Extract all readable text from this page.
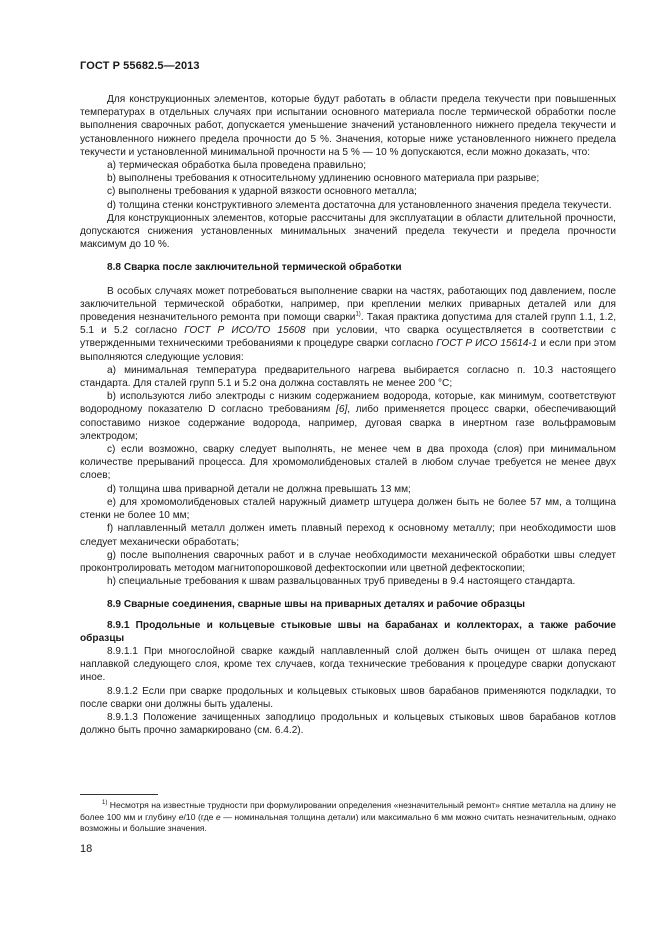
ГОСТ Р 55682.5—2013

Для конструкционных элементов, которые будут работать в области предела текучести при повышенных температурах в отдельных случаях при испытании основного материала после термической обработки после выполнения сварочных работ, допускается уменьшение значений установленного нижнего предела текучести и установленного нижнего предела прочности до 5 %. Значения, которые ниже установленного нижнего предела текучести и установленной минимальной прочности на 5 % — 10 % допускаются, если можно доказать, что:

a) термическая обработка была проведена правильно;

b) выполнены требования к относительному удлинению основного материала при разрыве;

c) выполнены требования к ударной вязкости основного металла;

d) толщина стенки конструктивного элемента достаточна для установленного значения предела текучести.

Для конструкционных элементов, которые рассчитаны для эксплуатации в области длительной прочности, допускаются снижения установленных минимальных значений предела текучести и предела прочности максимум до 10 %.

8.8 Сварка после заключительной термической обработки

В особых случаях может потребоваться выполнение сварки на частях, работающих под давлением, после заключительной термической обработки, например, при креплении мелких приварных деталей или для проведения незначительного ремонта при помощи сварки$^{1)}$. Такая практика допустима для сталей групп 1.1, 1.2, 5.1 и 5.2 согласно ГОСТ Р ИСО/ТО 15608 при условии, что сварка осуществляется в соответствии с утвержденными техническими требованиями к процедуре сварки согласно ГОСТ Р ИСО 15614-1 и если при этом выполняются следующие условия:

a) минимальная температура предварительного нагрева выбирается согласно п. 10.3 настоящего стандарта. Для сталей групп 5.1 и 5.2 она должна составлять не менее 200 °С;

b) используются либо электроды с низким содержанием водорода, которые, как минимум, соответствуют водородному показателю D согласно требованиям [6], либо применяется процесс сварки, обеспечивающий сопоставимо низкое содержание водорода, например, дуговая сварка в инертном газе вольфрамовым электродом;

c) если возможно, сварку следует выполнять, не менее чем в два прохода (слоя) при минимальном количестве прерываний процесса. Для хромомолибденовых сталей в любом случае требуется не менее двух слоев;

d) толщина шва приварной детали не должна превышать 13 мм;

e) для хромомолибденовых сталей наружный диаметр штуцера должен быть не более 57 мм, а толщина стенки не более 10 мм;

f) наплавленный металл должен иметь плавный переход к основному металлу; при необходимости шов следует механически обработать;

g) после выполнения сварочных работ и в случае необходимости механической обработки швы следует проконтролировать методом магнитопорошковой дефектоскопии или цветной дефектоскопии;

h) специальные требования к швам развальцованных труб приведены в 9.4 настоящего стандарта.

8.9 Сварные соединения, сварные швы на приварных деталях и рабочие образцы

8.9.1 Продольные и кольцевые стыковые швы на барабанах и коллекторах, а также рабочие образцы

8.9.1.1 При многослойной сварке каждый наплавленный слой должен быть очищен от шлака перед наплавкой следующего слоя, кроме тех случаев, когда технические требования к процедуре сварки допускают иное.

8.9.1.2 Если при сварке продольных и кольцевых стыковых швов барабанов применяются подкладки, то после сварки они должны быть удалены.

8.9.1.3 Положение зачищенных заподлицо продольных и кольцевых стыковых швов барабанов котлов должно быть прочно замаркировано (см. 6.4.2).

$^{1)}$ Несмотря на известные трудности при формулировании определения «незначительный ремонт» снятие металла на длину не более 100 мм и глубину e/10 (где e — номинальная толщина детали) или максимально 6 мм можно считать незначительным, однако возможны и большие значения.
18
